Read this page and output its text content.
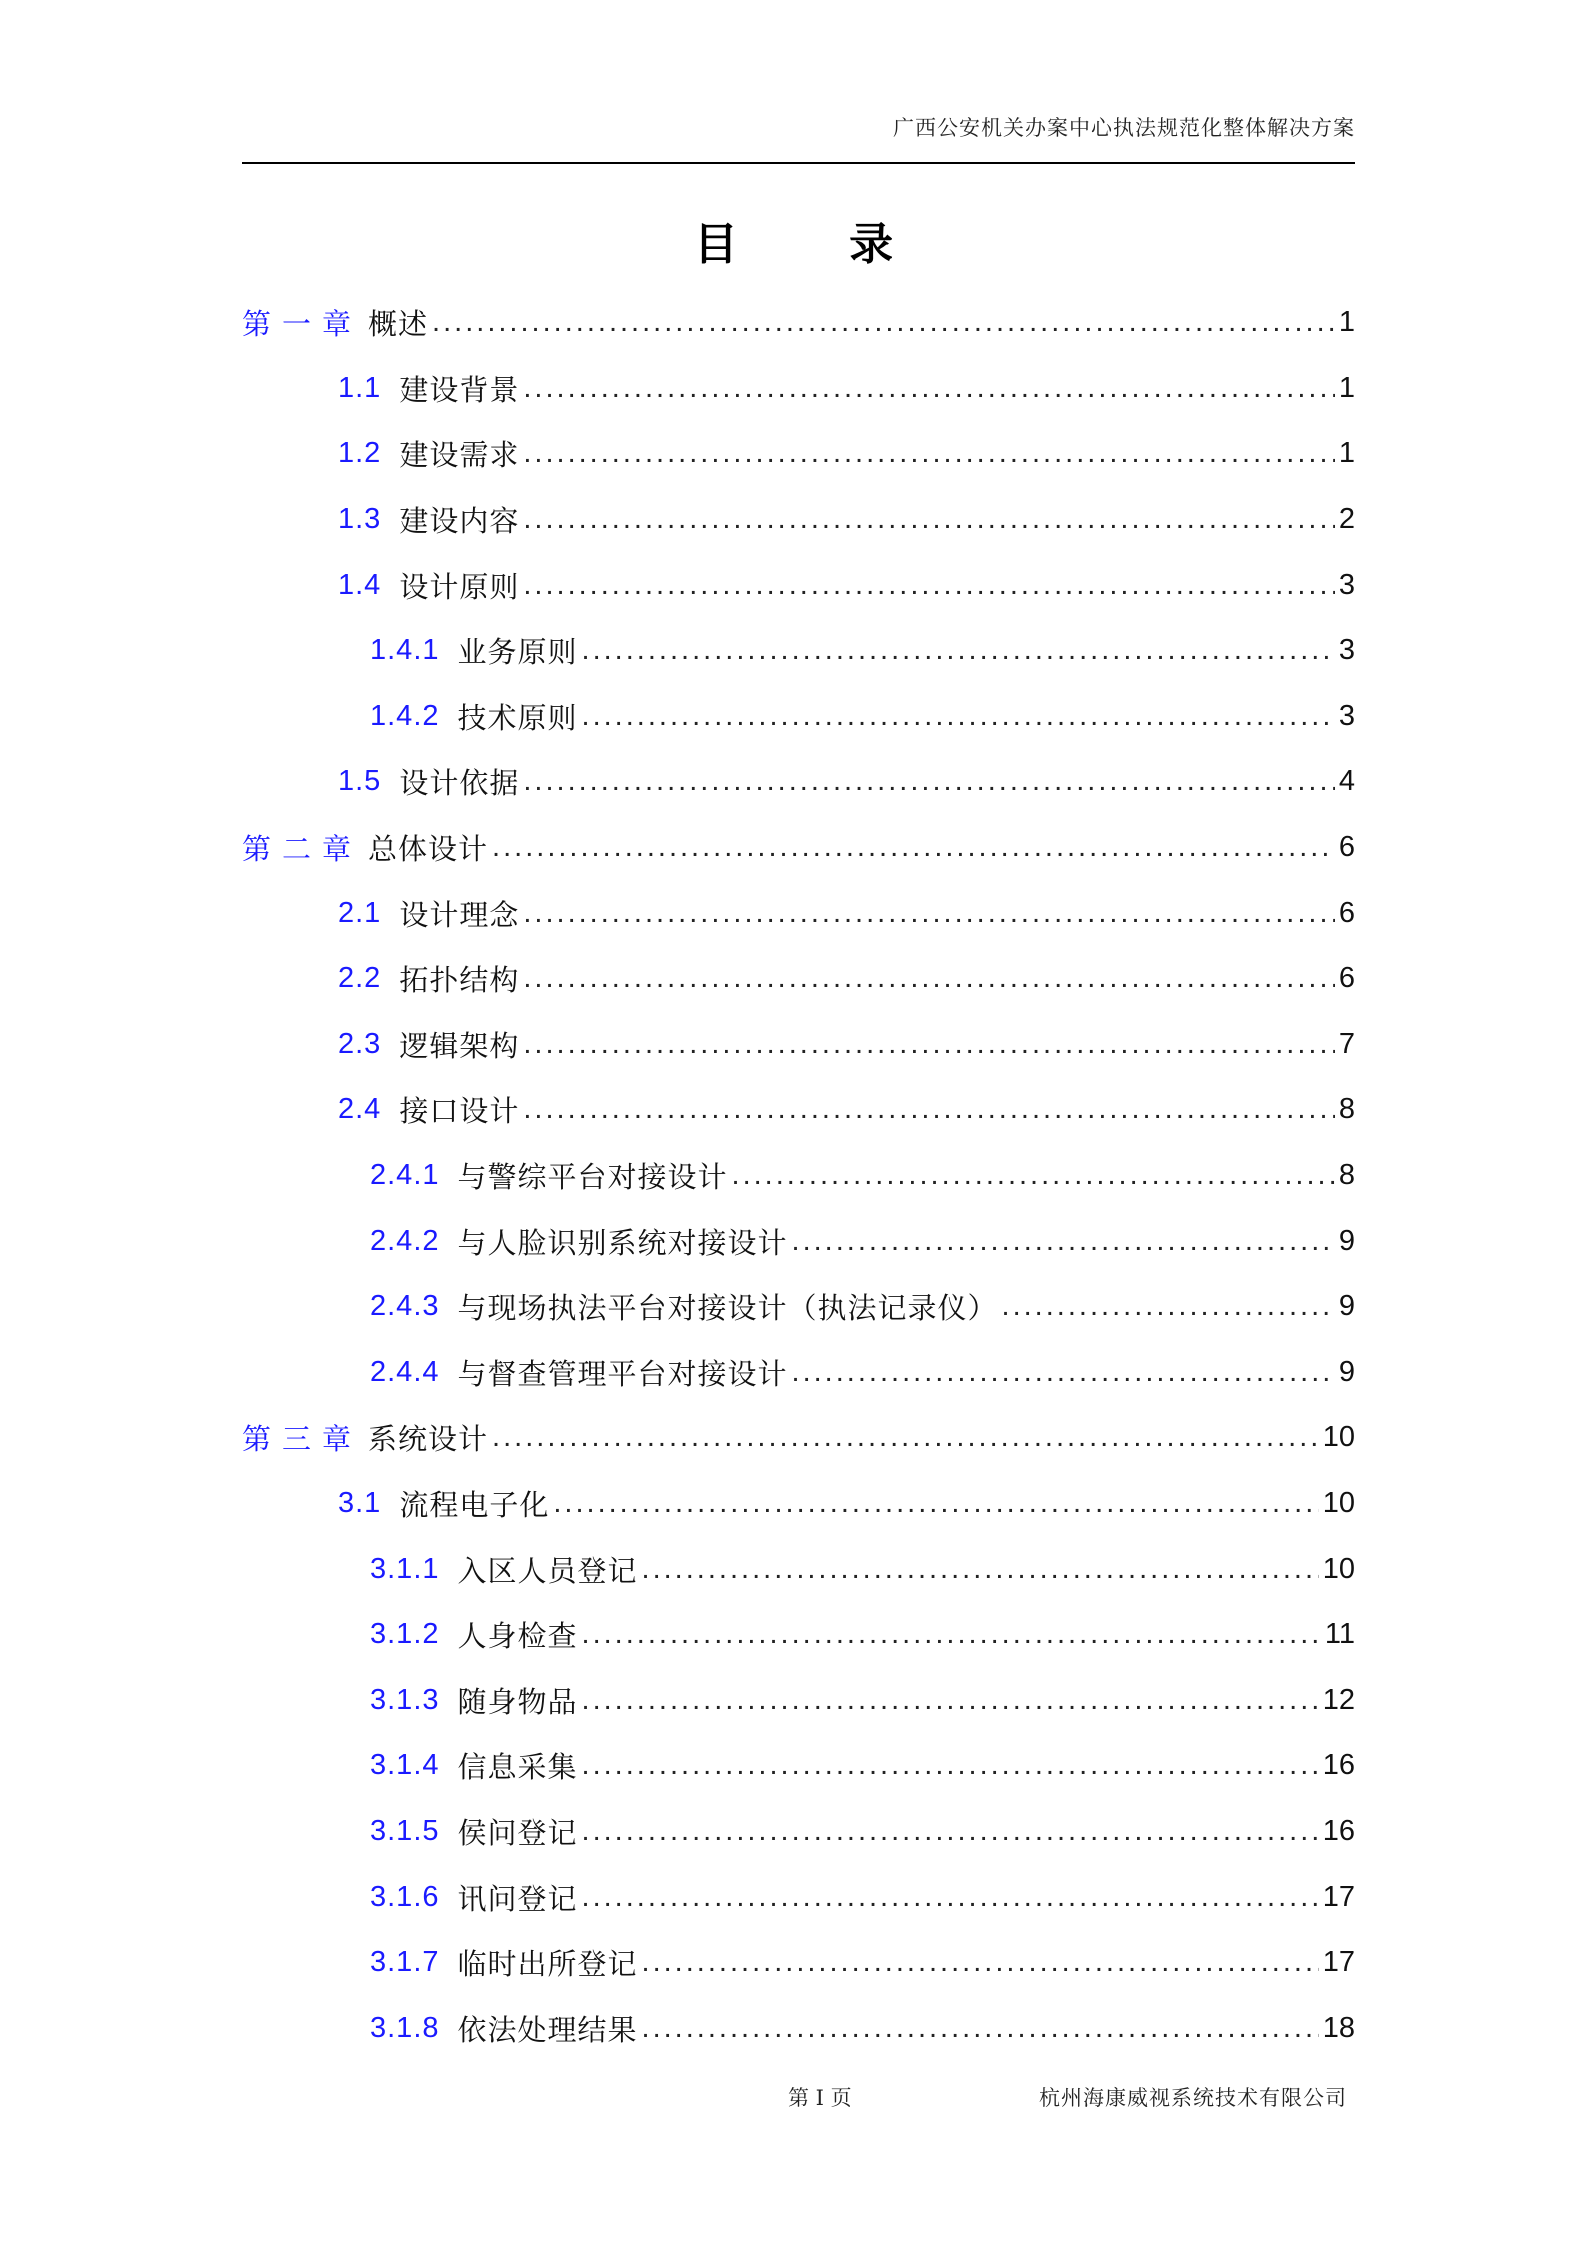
广西公安机关办案中心执法规范化整体解决方案
目 录
第一章 概述 .....	1
1.1 建设背景 .....	1
1.2 建设需求 .....	1
1.3 建设内容 .....	2
1.4 设计原则 .....	3
1.4.1 业务原则 .....	3
1.4.2 技术原则 .....	3
1.5 设计依据 .....	4
第二章 总体设计 .....	6
2.1 设计理念 .....	6
2.2 拓扑结构 .....	6
2.3 逻辑架构 .....	7
2.4 接口设计 .....	8
2.4.1 与警综平台对接设计 .....	8
2.4.2 与人脸识别系统对接设计 .....	9
2.4.3 与现场执法平台对接设计（执法记录仪） .....	9
2.4.4 与督查管理平台对接设计 .....	9
第三章 系统设计 .....	10
3.1 流程电子化 .....	10
3.1.1 入区人员登记 .....	10
3.1.2 人身检查 .....	11
3.1.3 随身物品 .....	12
3.1.4 信息采集 .....	16
3.1.5 侯问登记 .....	16
3.1.6 讯问登记 .....	17
3.1.7 临时出所登记 .....	17
3.1.8 依法处理结果 .....	18
第 I 页	杭州海康威视系统技术有限公司
